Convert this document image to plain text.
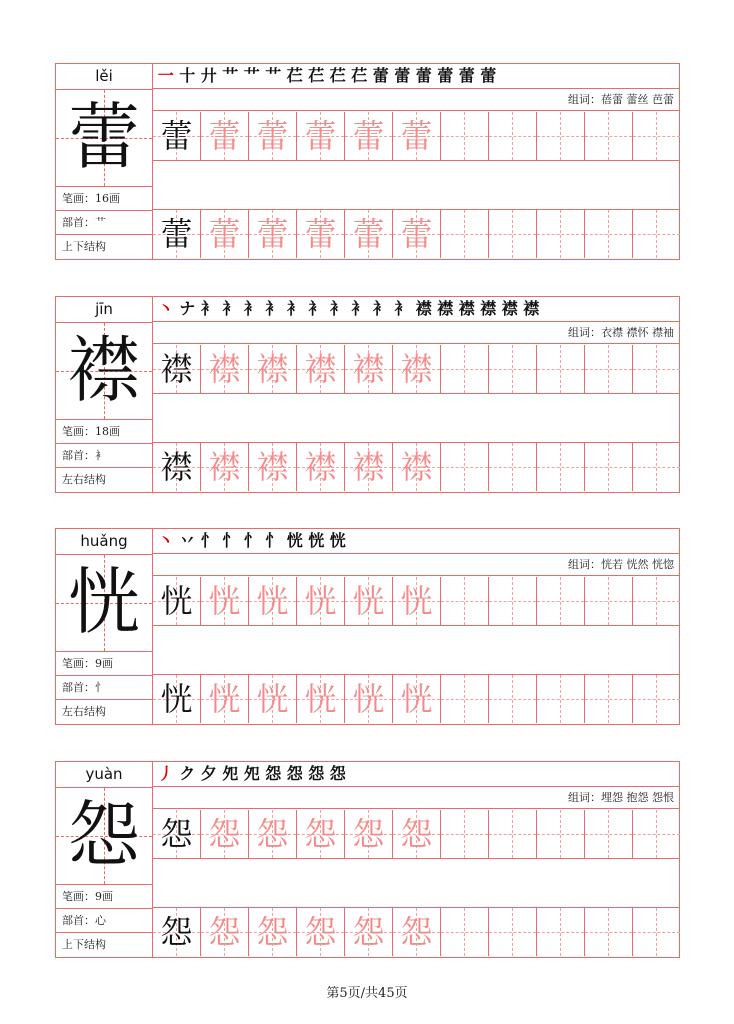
lěi
蕾
笔画：16画
部首：艹
上下结构
一 十 廾 艹 艹 艹 芢 芢 芢 芢 蕾 蕾 蕾 蕾 蕾 蕾
组词：蓓蕾 蕾丝 芭蕾
蕾 蕾 蕾 蕾 蕾 蕾
蕾 蕾 蕾 蕾 蕾 蕾
jīn
襟
笔画：18画
部首：衤
左右结构
丶 ナ 衤 衤 衤 衤 衤 衤 衤 衤 衤 衤 襟 襟 襟 襟 襟 襟
组词：衣襟 襟怀 襟袖
襟 襟 襟 襟 襟 襟
襟 襟 襟 襟 襟 襟
huǎng
恍
笔画：9画
部首：忄
左右结构
丶 丷 忄 忄 忄 忄 恍 恍 恍
组词：恍若 恍然 恍惚
恍 恍 恍 恍 恍 恍
恍 恍 恍 恍 恍 恍
yuàn
怨
笔画：9画
部首：心
上下结构
丿 ク 夕 夗 夗 怨 怨 怨 怨
组词：埋怨 抱怨 怨恨
怨 怨 怨 怨 怨 怨
怨 怨 怨 怨 怨 怨
第5页/共45页
